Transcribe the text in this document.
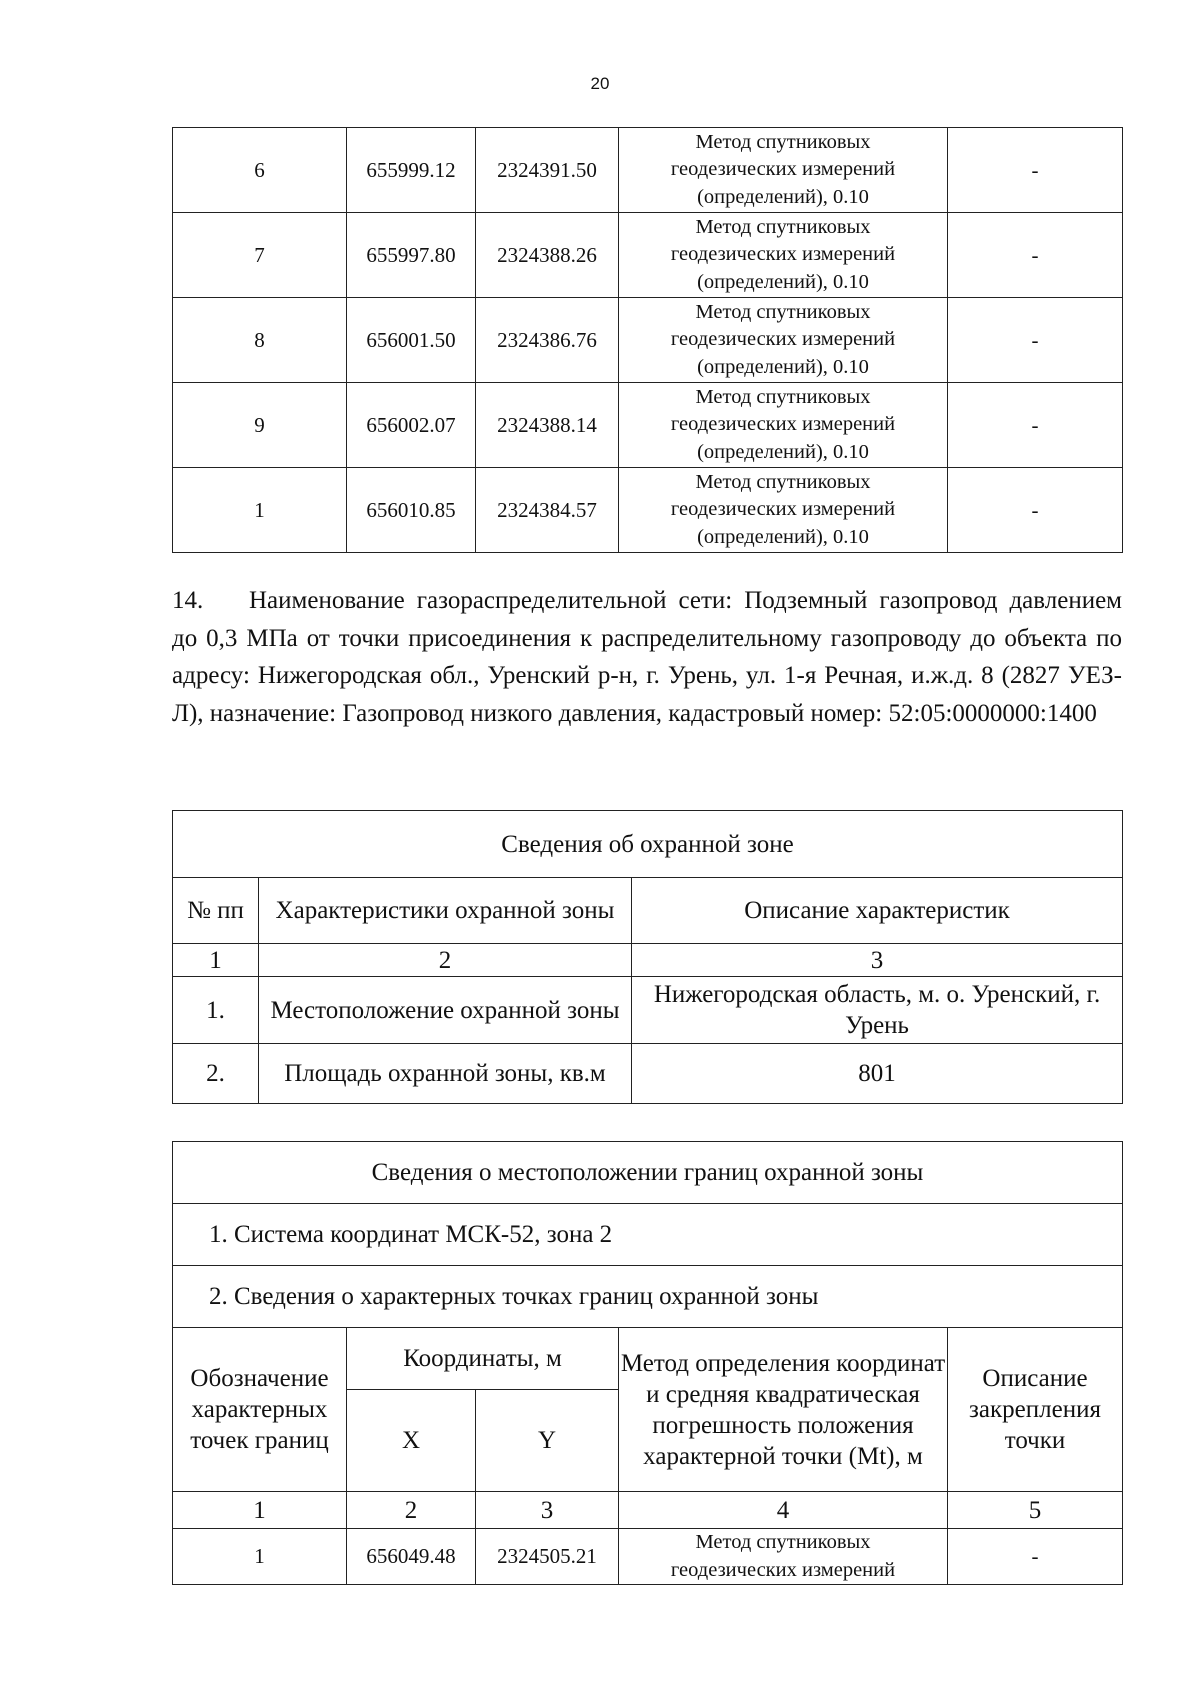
20
6	655999.12	2324391.50	Метод спутниковых
геодезических измерений
(определений), 0.10	-
7	655997.80	2324388.26	Метод спутниковых
геодезических измерений
(определений), 0.10	-
8	656001.50	2324386.76	Метод спутниковых
геодезических измерений
(определений), 0.10	-
9	656002.07	2324388.14	Метод спутниковых
геодезических измерений
(определений), 0.10	-
1	656010.85	2324384.57	Метод спутниковых
геодезических измерений
(определений), 0.10	-
14. Наименование газораспределительной сети: Подземный газопровод давлением до 0,3 МПа от точки присоединения к распределительному газопроводу до объекта по адресу: Нижегородская обл., Уренский р-н, г. Урень, ул. 1-я Речная, и.ж.д. 8 (2827 УЕЗ-Л), назначение: Газопровод низкого давления, кадастровый номер: 52:05:0000000:1400
Сведения об охранной зоне		
№ пп	Характеристики охранной зоны	Описание характеристик
1	2	3
1.	Местоположение охранной зоны	Нижегородская область, м. о. Уренский, г. Урень
2.	Площадь охранной зоны, кв.м	801
Сведения о местоположении границ охранной зоны				
1. Система координат МСК-52, зона 2				
2. Сведения о характерных точках границ охранной зоны				
Обозначение характерных точек границ	Координаты, м		Метод определения координат и средняя квадратическая погрешность положения характерной точки (Mt), м	Описание закрепления точки
	X	Y		
1	2	3	4	5
1	656049.48	2324505.21	Метод спутниковых
геодезических измерений	-
